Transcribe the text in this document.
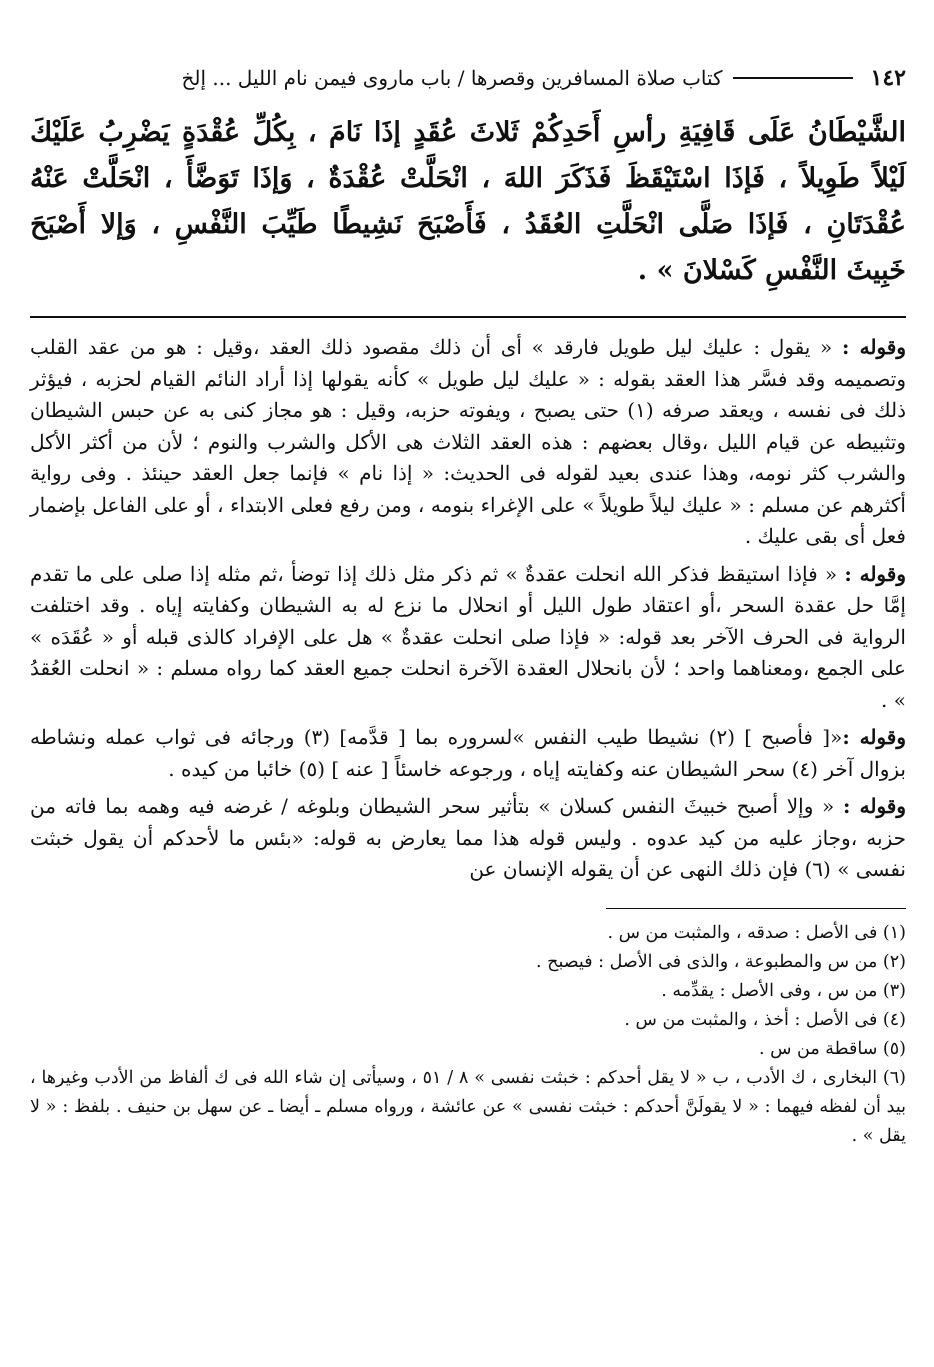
١٤٢
كتاب صلاة المسافرين وقصرها / باب ماروى فيمن نام الليل ... إلخ
الشَّيْطَانُ عَلَى قَافِيَةِ رأسِ أَحَدِكُمْ ثَلاثَ عُقَدٍ إذَا نَامَ ، بِكُلِّ عُقْدَةٍ يَضْرِبُ عَلَيْكَ لَيْلاً طَوِيلاً ، فَإذَا اسْتَيْقَظَ فَذَكَرَ اللهَ ، انْحَلَّتْ عُقْدَةٌ ، وَإذَا تَوَضَّأَ ، انْحَلَّتْ عَنْهُ عُقْدَتَانِ ، فَإذَا صَلَّى انْحَلَّتِ العُقَدُ ، فَأَصْبَحَ نَشِيطًا طَيِّبَ النَّفْسِ ، وَإلا أَصْبَحَ خَبِيثَ النَّفْسِ كَسْلانَ » .

وقوله : « يقول : عليك ليل طويل فارقد » أى أن ذلك مقصود ذلك العقد ،وقيل : هو من عقد القلب وتصميمه وقد فسَّر هذا العقد بقوله : « عليك ليل طويل » كأنه يقولها إذا أراد النائم القيام لحزبه ، فيؤثر ذلك فى نفسه ، ويعقد صرفه (١) حتى يصبح ، ويفوته حزبه، وقيل : هو مجاز كنى به عن حبس الشيطان وتثبيطه عن قيام الليل ،وقال بعضهم : هذه العقد الثلاث هى الأكل والشرب والنوم ؛ لأن من أكثر الأكل والشرب كثر نومه، وهذا عندى بعيد لقوله فى الحديث: « إذا نام » فإنما جعل العقد حينئذ . وفى رواية أكثرهم عن مسلم : « عليك ليلاً طويلاً » على الإغراء بنومه ، ومن رفع فعلى الابتداء ، أو على الفاعل بإضمار فعل أى بقى عليك .

وقوله : « فإذا استيقظ فذكر الله انحلت عقدةٌ » ثم ذكر مثل ذلك إذا توضأ ،ثم مثله إذا صلى على ما تقدم إمَّا حل عقدة السحر ،أو اعتقاد طول الليل أو انحلال ما نزع له به الشيطان وكفايته إياه . وقد اختلفت الرواية فى الحرف الآخر بعد قوله: « فإذا صلى انحلت عقدةٌ » هل على الإفراد كالذى قبله أو « عُقَدَه » على الجمع ،ومعناهما واحد ؛ لأن بانحلال العقدة الآخرة انحلت جميع العقد كما رواه مسلم : « انحلت العُقدُ » .

وقوله :«[ فأصبح ] (٢) نشيطا طيب النفس »لسروره بما [ قدَّمه] (٣) ورجائه فى ثواب عمله ونشاطه بزوال آخر (٤) سحر الشيطان عنه وكفايته إياه ، ورجوعه خاسئاً [ عنه ] (٥) خائبا من كيده .

وقوله : « وإلا أصبح خبيثَ النفس كسلان » بتأثير سحر الشيطان وبلوغه / غرضه فيه وهمه بما فاته من حزبه ،وجاز عليه من كيد عدوه . وليس قوله هذا مما يعارض به قوله: «بئس ما لأحدكم أن يقول خبثت نفسى » (٦) فإن ذلك النهى عن أن يقوله الإنسان عن

(١) فى الأصل : صدقه ، والمثبت من س .
(٢) من س والمطبوعة ، والذى فى الأصل : فيصبح .
(٣) من س ، وفى الأصل : يقدِّمه .
(٤) فى الأصل : أخذ ، والمثبت من س .
(٥) ساقطة من س .
(٦) البخارى ، ك الأدب ، ب « لا يقل أحدكم : خبثت نفسى » ٨ / ٥١ ، وسيأتى إن شاء الله فى ك ألفاظ من الأدب وغيرها ، بيد أن لفظه فيهما : « لا يقولَنَّ أحدكم : خبثت نفسى » عن عائشة ، ورواه مسلم ـ أيضا ـ عن سهل بن حنيف . بلفظ : « لا يقل » .
